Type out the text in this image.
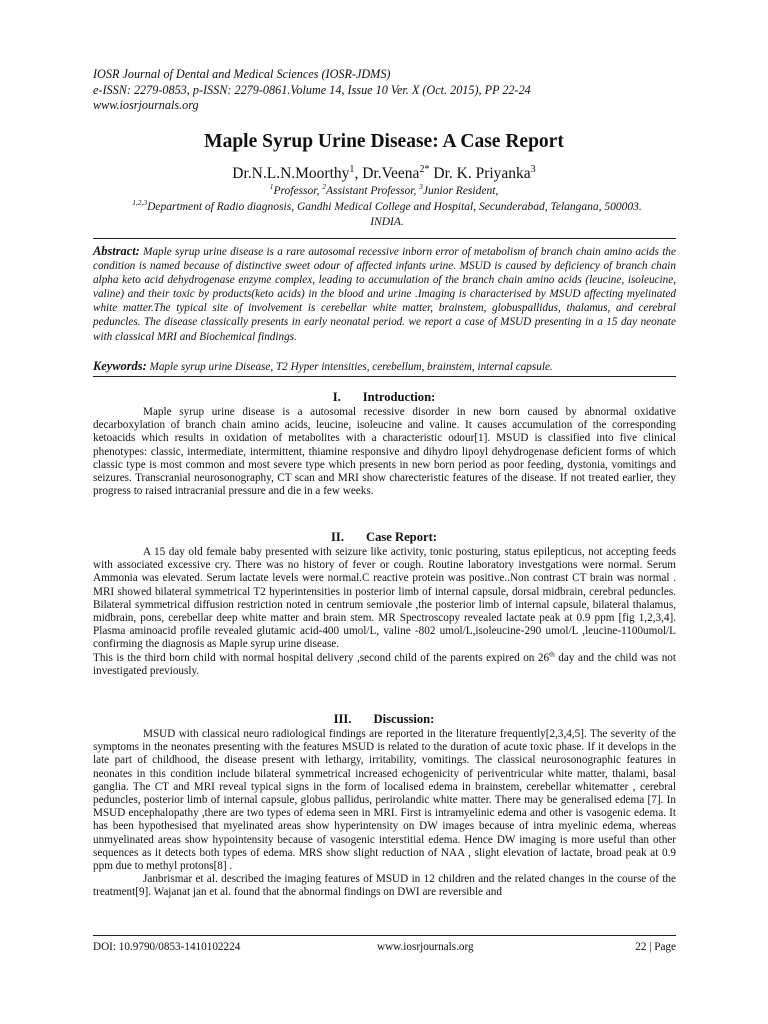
IOSR Journal of Dental and Medical Sciences (IOSR-JDMS)
e-ISSN: 2279-0853, p-ISSN: 2279-0861.Volume 14, Issue 10 Ver. X (Oct. 2015), PP 22-24
www.iosrjournals.org
Maple Syrup Urine Disease: A Case Report
Dr.N.L.N.Moorthy$^1$, Dr.Veena$^{2*}$ Dr. K. Priyanka$^3$
$^1$Professor, $^2$Assistant Professor, $^3$Junior Resident,
$^{1,2,3}$Department of Radio diagnosis, Gandhi Medical College and Hospital, Secunderabad, Telangana, 500003.
INDIA.
Abstract: Maple syrup urine disease is a rare autosomal recessive inborn error of metabolism of branch chain amino acids the condition is named because of distinctive sweet odour of affected infants urine. MSUD is caused by deficiency of branch chain alpha keto acid dehydrogenase enzyme complex, leading to accumulation of the branch chain amino acids (leucine, isoleucine, valine) and their toxic by products(keto acids) in the blood and urine .Imaging is characterised by MSUD affecting myelinated white matter.The typical site of involvement is cerebellar white matter, brainstem, globuspallidus, thalamus, and cerebral peduncles. The disease classically presents in early neonatal period. we report a case of MSUD presenting in a 15 day neonate with classical MRI and Biochemical findings.
Keywords: Maple syrup urine Disease, T2 Hyper intensities, cerebellum, brainstem, internal capsule.
I. Introduction:

Maple syrup urine disease is a autosomal recessive disorder in new born caused by abnormal oxidative decarboxylation of branch chain amino acids, leucine, isoleucine and valine. It causes accumulation of the corresponding ketoacids which results in oxidation of metabolites with a characteristic odour[1]. MSUD is classified into five clinical phenotypes: classic, intermediate, intermittent, thiamine responsive and dihydro lipoyl dehydrogenase deficient forms of which classic type is most common and most severe type which presents in new born period as poor feeding, dystonia, vomitings and seizures. Transcranial neurosonography, CT scan and MRI show charecteristic features of the disease. If not treated earlier, they progress to raised intracranial pressure and die in a few weeks.

II. Case Report:

A 15 day old female baby presented with seizure like activity, tonic posturing, status epilepticus, not accepting feeds with associated excessive cry. There was no history of fever or cough. Routine laboratory investgations were normal. Serum Ammonia was elevated. Serum lactate levels were normal.C reactive protein was positive..Non contrast CT brain was normal . MRI showed bilateral symmetrical T2 hyperintensities in posterior limb of internal capsule, dorsal midbrain, cerebral peduncles. Bilateral symmetrical diffusion restriction noted in centrum semiovale ,the posterior limb of internal capsule, bilateral thalamus, midbrain, pons, cerebellar deep white matter and brain stem. MR Spectroscopy revealed lactate peak at 0.9 ppm [fig 1,2,3,4]. Plasma aminoacid profile revealed glutamic acid-400 umol/L, valine -802 umol/L,isoleucine-290 umol/L ,leucine-1100umol/L confirming the diagnosis as Maple syrup urine disease.

This is the third born child with normal hospital delivery ,second child of the parents expired on 26th day and the child was not investigated previously.

III. Discussion:

MSUD with classical neuro radiological findings are reported in the literature frequently[2,3,4,5]. The severity of the symptoms in the neonates presenting with the features MSUD is related to the duration of acute toxic phase. If it develops in the late part of childhood, the disease present with lethargy, irritability, vomitings. The classical neurosonographic features in neonates in this condition include bilateral symmetrical increased echogenicity of periventricular white matter, thalami, basal ganglia. The CT and MRI reveal typical signs in the form of localised edema in brainstem, cerebellar whitematter , cerebral peduncles, posterior limb of internal capsule, globus pallidus, perirolandic white matter. There may be generalised edema [7]. In MSUD encephalopathy ,there are two types of edema seen in MRI. First is intramyelinic edema and other is vasogenic edema. It has been hypothesised that myelinated areas show hyperintensity on DW images because of intra myelinic edema, whereas unmyelinated areas show hypointensity because of vasogenic interstitial edema. Hence DW imaging is more useful than other sequences as it detects both types of edema. MRS show slight reduction of NAA , slight elevation of lactate, broad peak at 0.9 ppm due to methyl protons[8] .

Janbrismar et al. described the imaging features of MSUD in 12 children and the related changes in the course of the treatment[9]. Wajanat jan et al. found that the abnormal findings on DWI are reversible and

DOI: 10.9790/0853-1410102224	www.iosrjournals.org	22 | Page
